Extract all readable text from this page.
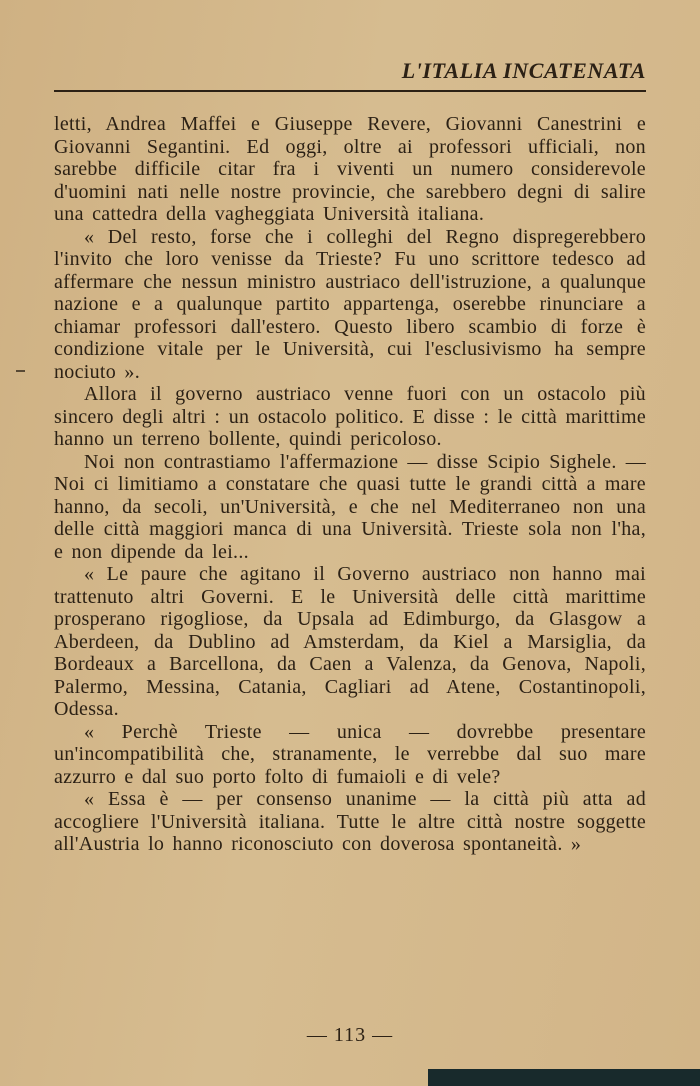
L'ITALIA INCATENATA

letti, Andrea Maffei e Giuseppe Revere, Giovanni Canestrini e Giovanni Segantini. Ed oggi, oltre ai professori ufficiali, non sarebbe difficile citar fra i viventi un numero considerevole d'uomini nati nelle nostre provincie, che sarebbero degni di salire una cattedra della vagheggiata Università italiana.

« Del resto, forse che i colleghi del Regno dispregerebbero l'invito che loro venisse da Trieste? Fu uno scrittore tedesco ad affermare che nessun ministro austriaco dell'istruzione, a qualunque nazione e a qualunque partito appartenga, oserebbe rinunciare a chiamar professori dall'estero. Questo libero scambio di forze è condizione vitale per le Università, cui l'esclusivismo ha sempre nociuto ».

Allora il governo austriaco venne fuori con un ostacolo più sincero degli altri : un ostacolo politico. E disse : le città marittime hanno un terreno bollente, quindi pericoloso.

Noi non contrastiamo l'affermazione — disse Scipio Sighele. — Noi ci limitiamo a constatare che quasi tutte le grandi città a mare hanno, da secoli, un'Università, e che nel Mediterraneo non una delle città maggiori manca di una Università. Trieste sola non l'ha, e non dipende da lei...

« Le paure che agitano il Governo austriaco non hanno mai trattenuto altri Governi. E le Università delle città marittime prosperano rigogliose, da Upsala ad Edimburgo, da Glasgow a Aberdeen, da Dublino ad Amsterdam, da Kiel a Marsiglia, da Bordeaux a Barcellona, da Caen a Valenza, da Genova, Napoli, Palermo, Messina, Catania, Cagliari ad Atene, Costantinopoli, Odessa.

« Perchè Trieste — unica — dovrebbe presentare un'incompatibilità che, stranamente, le verrebbe dal suo mare azzurro e dal suo porto folto di fumaioli e di vele?

« Essa è — per consenso unanime — la città più atta ad accogliere l'Università italiana. Tutte le altre città nostre soggette all'Austria lo hanno riconosciuto con doverosa spontaneità. »

— 113 —
